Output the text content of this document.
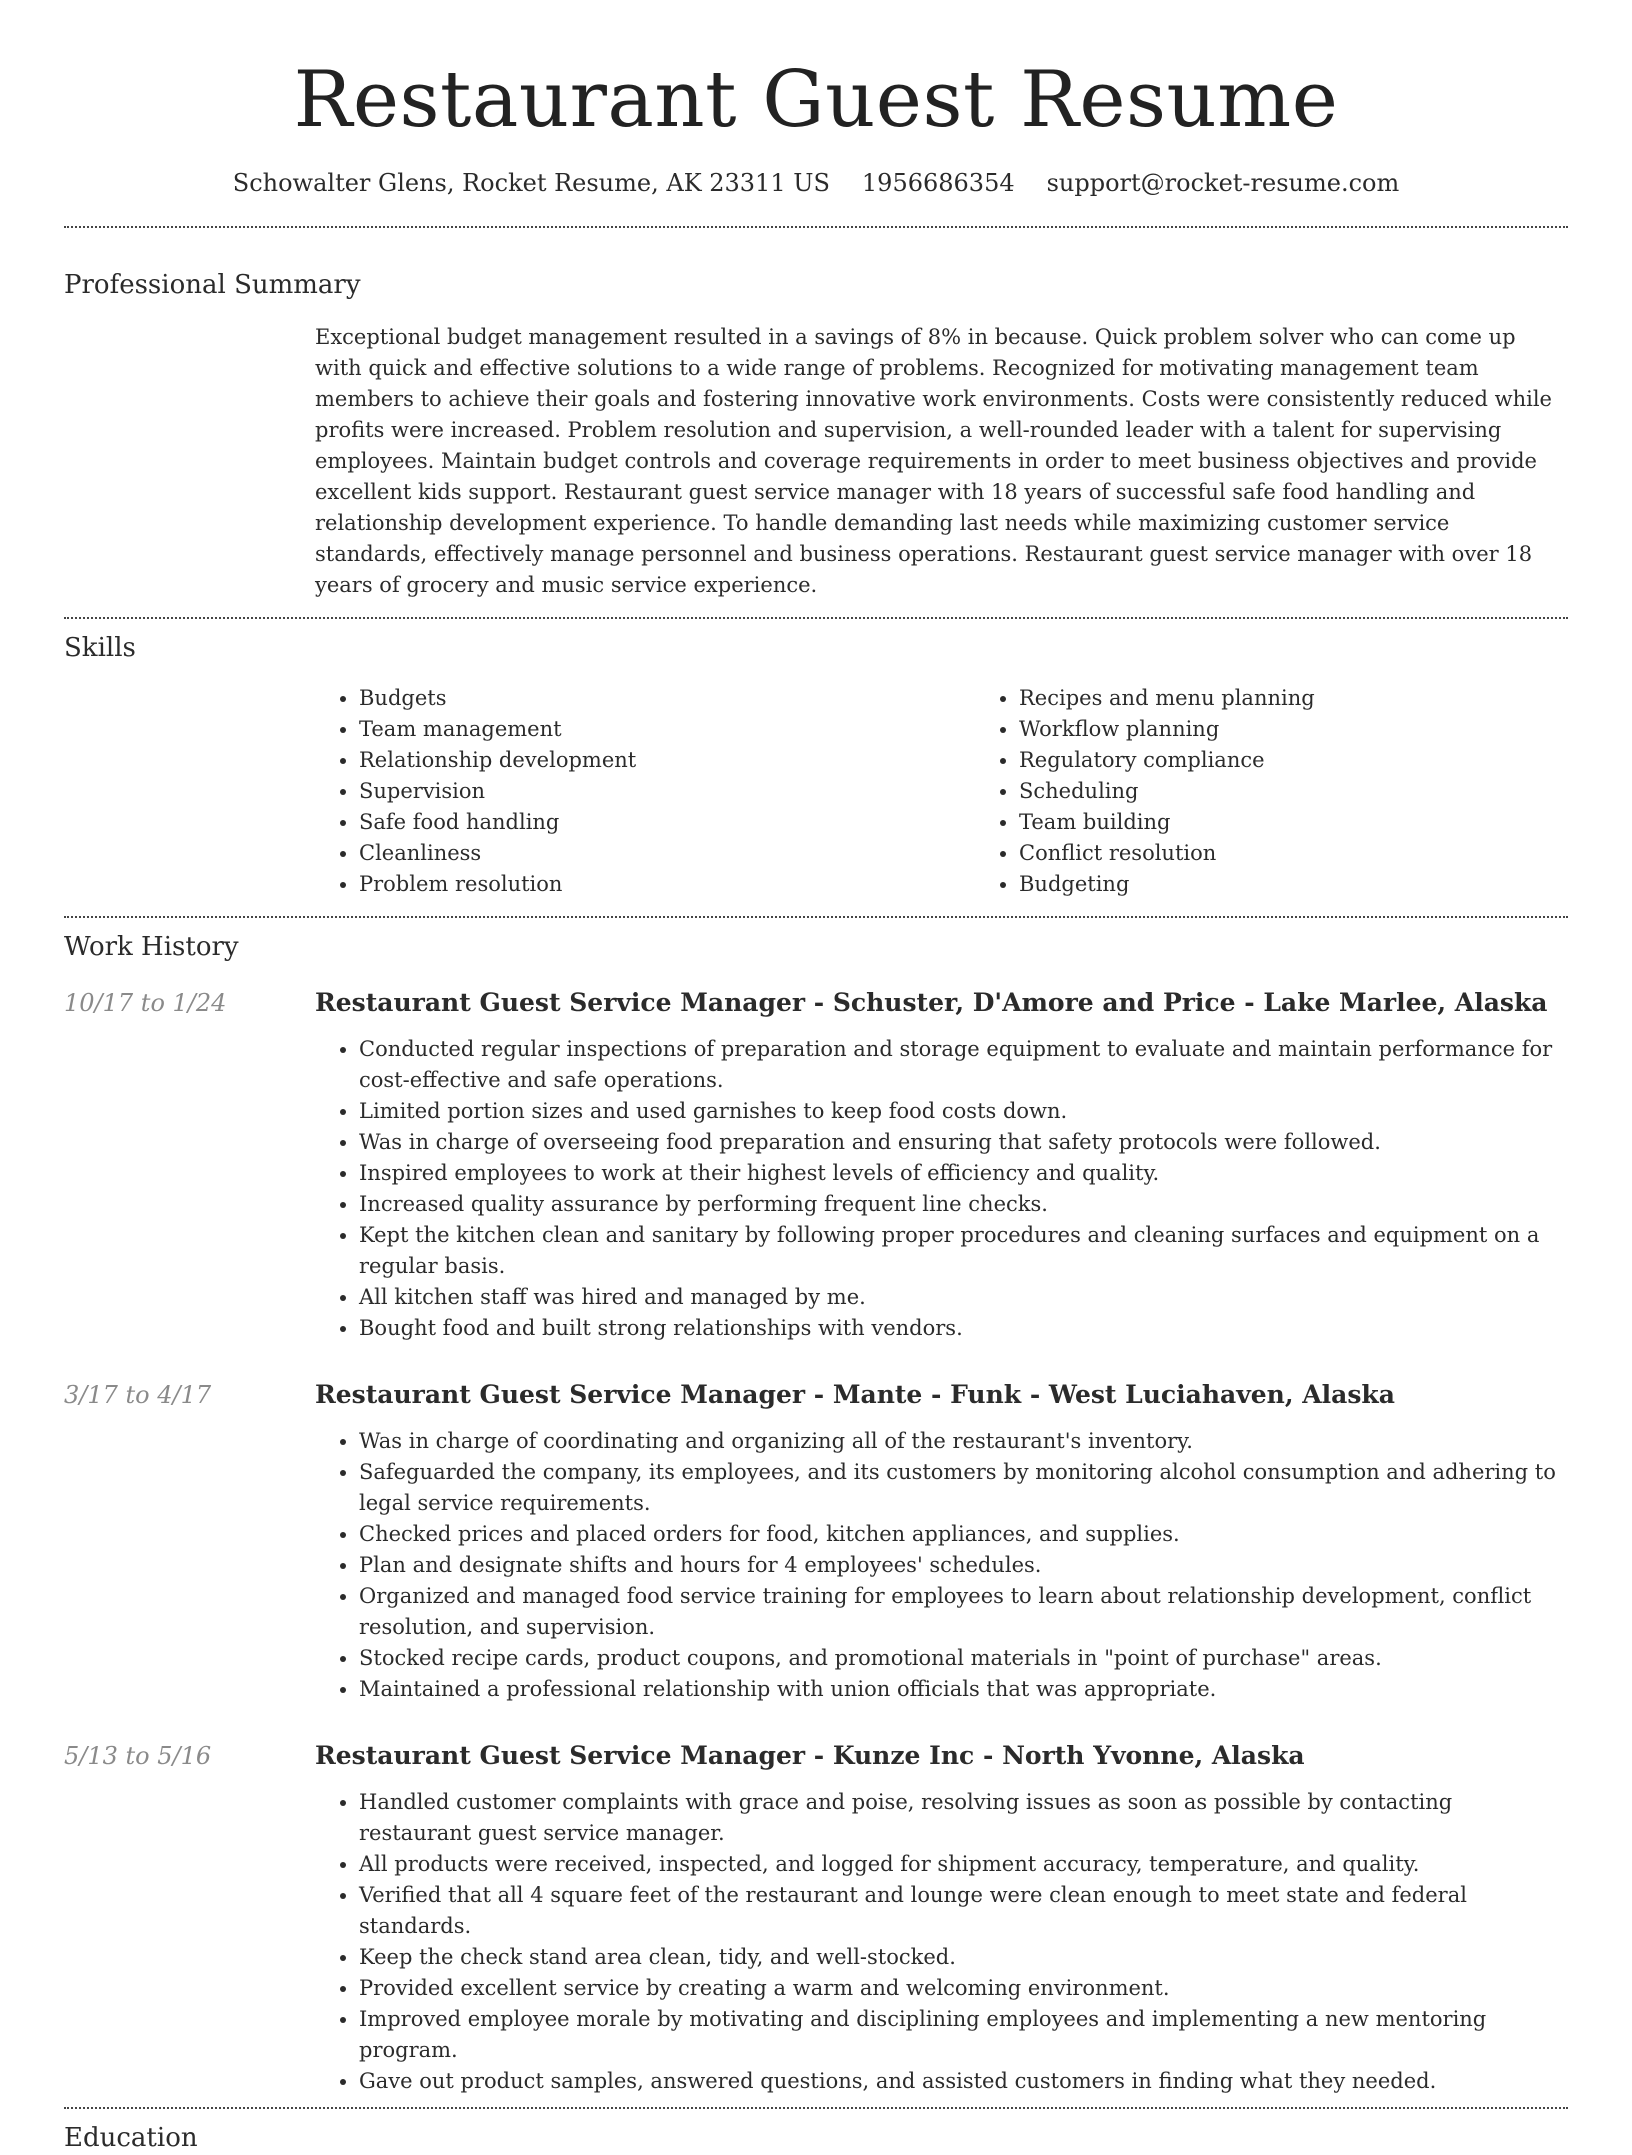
Restaurant Guest Resume
Schowalter Glens, Rocket Resume, AK 23311 US 1956686354 support@rocket-resume.com
Professional Summary

Exceptional budget management resulted in a savings of 8% in because. Quick problem solver who can come up with quick and effective solutions to a wide range of problems. Recognized for motivating management team members to achieve their goals and fostering innovative work environments. Costs were consistently reduced while profits were increased. Problem resolution and supervision, a well-rounded leader with a talent for supervising employees. Maintain budget controls and coverage requirements in order to meet business objectives and provide excellent kids support. Restaurant guest service manager with 18 years of successful safe food handling and relationship development experience. To handle demanding last needs while maximizing customer service standards, effectively manage personnel and business operations. Restaurant guest service manager with over 18 years of grocery and music service experience.

Skills
• Budgets
• Team management
• Relationship development
• Supervision
• Safe food handling
• Cleanliness
• Problem resolution
• Recipes and menu planning
• Workflow planning
• Regulatory compliance
• Scheduling
• Team building
• Conflict resolution
• Budgeting
Work History
10/17 to 1/24	Restaurant Guest Service Manager - Schuster, D'Amore and Price - Lake Marlee, Alaska
• Conducted regular inspections of preparation and storage equipment to evaluate and maintain performance for cost-effective and safe operations.
• Limited portion sizes and used garnishes to keep food costs down.
• Was in charge of overseeing food preparation and ensuring that safety protocols were followed.
• Inspired employees to work at their highest levels of efficiency and quality.
• Increased quality assurance by performing frequent line checks.
• Kept the kitchen clean and sanitary by following proper procedures and cleaning surfaces and equipment on a regular basis.
• All kitchen staff was hired and managed by me.
• Bought food and built strong relationships with vendors.
3/17 to 4/17	Restaurant Guest Service Manager - Mante - Funk - West Luciahaven, Alaska
• Was in charge of coordinating and organizing all of the restaurant's inventory.
• Safeguarded the company, its employees, and its customers by monitoring alcohol consumption and adhering to legal service requirements.
• Checked prices and placed orders for food, kitchen appliances, and supplies.
• Plan and designate shifts and hours for 4 employees' schedules.
• Organized and managed food service training for employees to learn about relationship development, conflict resolution, and supervision.
• Stocked recipe cards, product coupons, and promotional materials in "point of purchase" areas.
• Maintained a professional relationship with union officials that was appropriate.
5/13 to 5/16	Restaurant Guest Service Manager - Kunze Inc - North Yvonne, Alaska
• Handled customer complaints with grace and poise, resolving issues as soon as possible by contacting restaurant guest service manager.
• All products were received, inspected, and logged for shipment accuracy, temperature, and quality.
• Verified that all 4 square feet of the restaurant and lounge were clean enough to meet state and federal standards.
• Keep the check stand area clean, tidy, and well-stocked.
• Provided excellent service by creating a warm and welcoming environment.
• Improved employee morale by motivating and disciplining employees and implementing a new mentoring program.
• Gave out product samples, answered questions, and assisted customers in finding what they needed.
Education
